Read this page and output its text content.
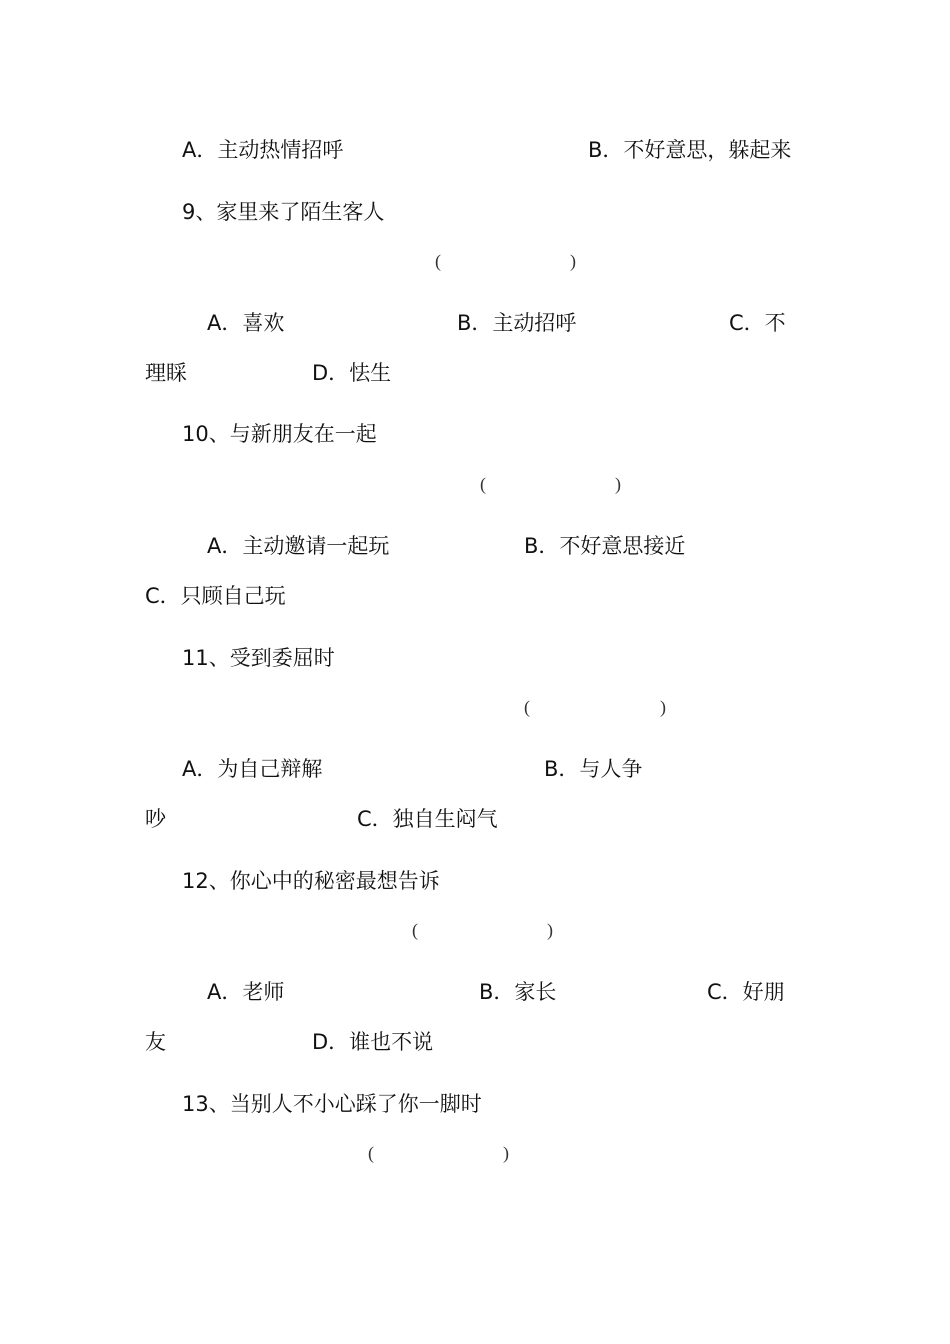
A．主动热情招呼	B．不好意思，躲起来
9、家里来了陌生客人
(	)
A．喜欢	B．主动招呼	C．不
理睬	D．怯生
10、与新朋友在一起
(	)
A．主动邀请一起玩	B．不好意思接近
C．只顾自己玩
11、受到委屈时
(	)
A．为自己辩解	B．与人争
吵	C．独自生闷气
12、你心中的秘密最想告诉
(	)
A．老师	B．家长	C．好朋
友	D．谁也不说
13、当别人不小心踩了你一脚时
(	)
